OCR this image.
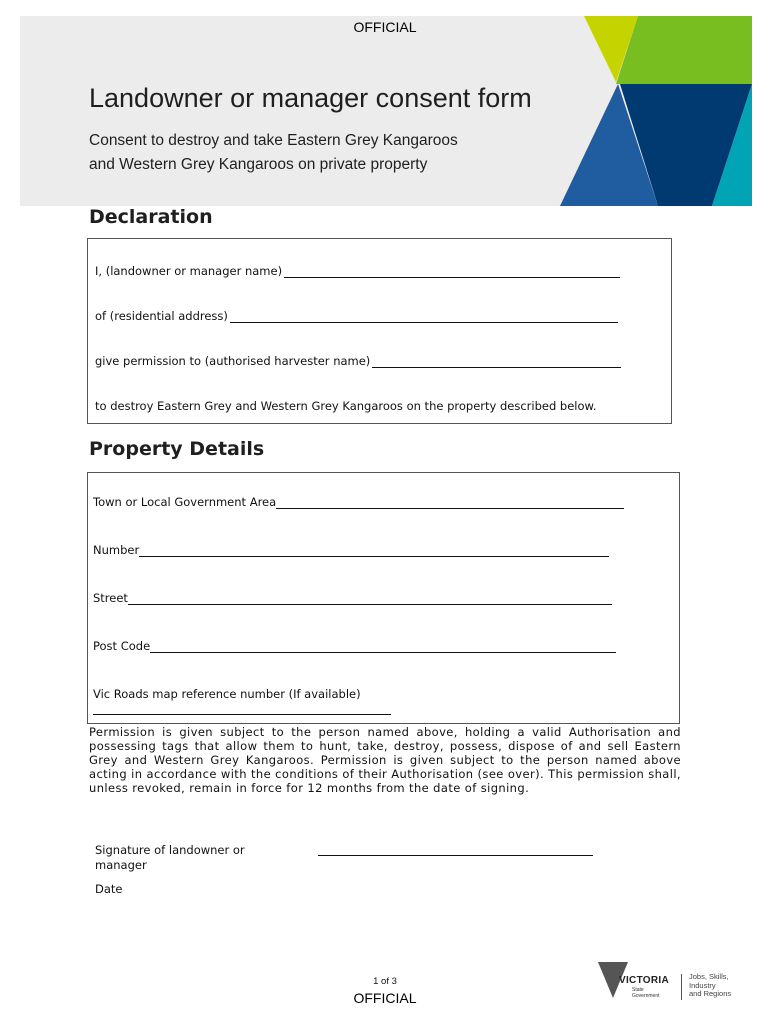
OFFICIAL
Landowner or manager consent form
Consent to destroy and take Eastern Grey Kangaroos
and Western Grey Kangaroos on private property
Declaration
I, (landowner or manager name)
of (residential address)
give permission to (authorised harvester name)
to destroy Eastern Grey and Western Grey Kangaroos on the property described below.
Property Details
Town or Local Government Area
Number
Street
Post Code
Vic Roads map reference number (If available)
Permission is given subject to the person named above, holding a valid Authorisation and possessing tags that allow them to hunt, take, destroy, possess, dispose of and sell Eastern Grey and Western Grey Kangaroos. Permission is given subject to the person named above acting in accordance with the conditions of their Authorisation (see over). This permission shall, unless revoked, remain in force for 12 months from the date of signing.
Signature of landowner or manager
Date
1 of 3
OFFICIAL
VICTORIA
State
Government
Jobs, Skills,
Industry
and Regions
